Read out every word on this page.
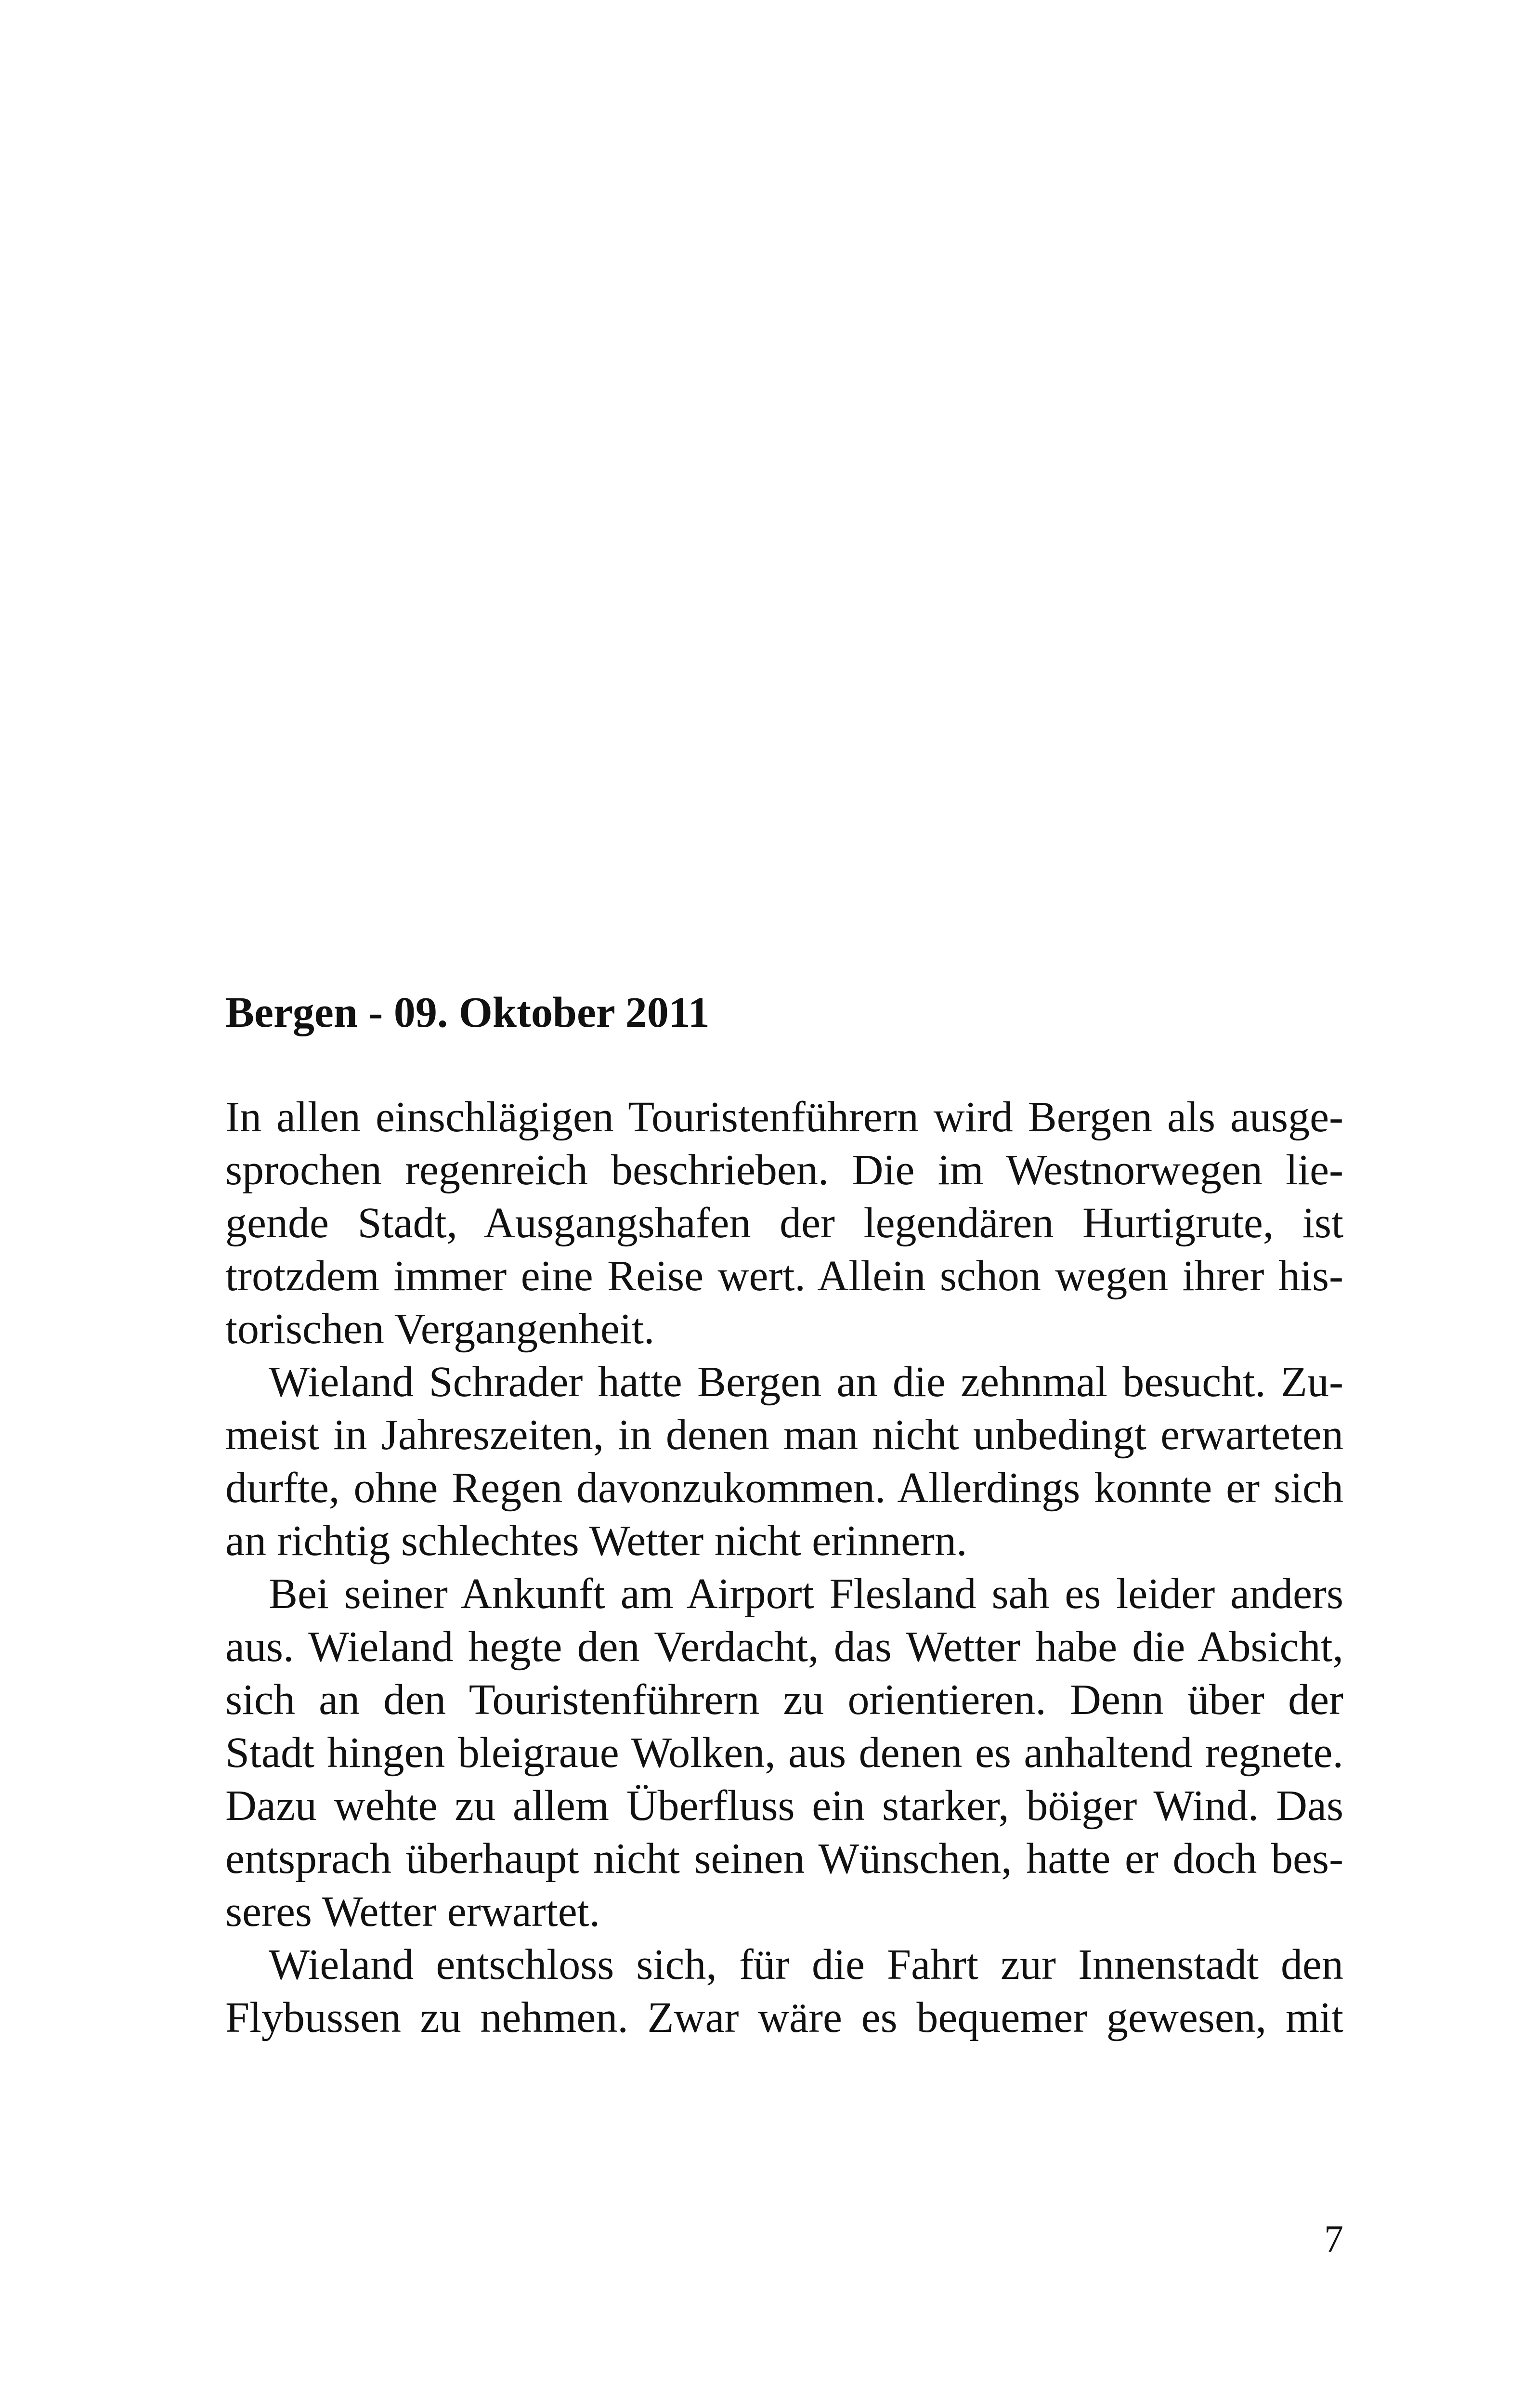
Bergen - 09. Oktober 2011

In allen einschlägigen Touristenführern wird Bergen als ausge-

sprochen regenreich beschrieben. Die im Westnorwegen lie-

gende Stadt, Ausgangshafen der legendären Hurtigrute, ist

trotzdem immer eine Reise wert. Allein schon wegen ihrer his-

torischen Vergangenheit.

Wieland Schrader hatte Bergen an die zehnmal besucht. Zu-

meist in Jahreszeiten, in denen man nicht unbedingt erwarteten

durfte, ohne Regen davonzukommen. Allerdings konnte er sich

an richtig schlechtes Wetter nicht erinnern.

Bei seiner Ankunft am Airport Flesland sah es leider anders

aus. Wieland hegte den Verdacht, das Wetter habe die Absicht,

sich an den Touristenführern zu orientieren. Denn über der

Stadt hingen bleigraue Wolken, aus denen es anhaltend regnete.

Dazu wehte zu allem Überfluss ein starker, böiger Wind. Das

entsprach überhaupt nicht seinen Wünschen, hatte er doch bes-

seres Wetter erwartet.

Wieland entschloss sich, für die Fahrt zur Innenstadt den

Flybussen zu nehmen. Zwar wäre es bequemer gewesen, mit

7
